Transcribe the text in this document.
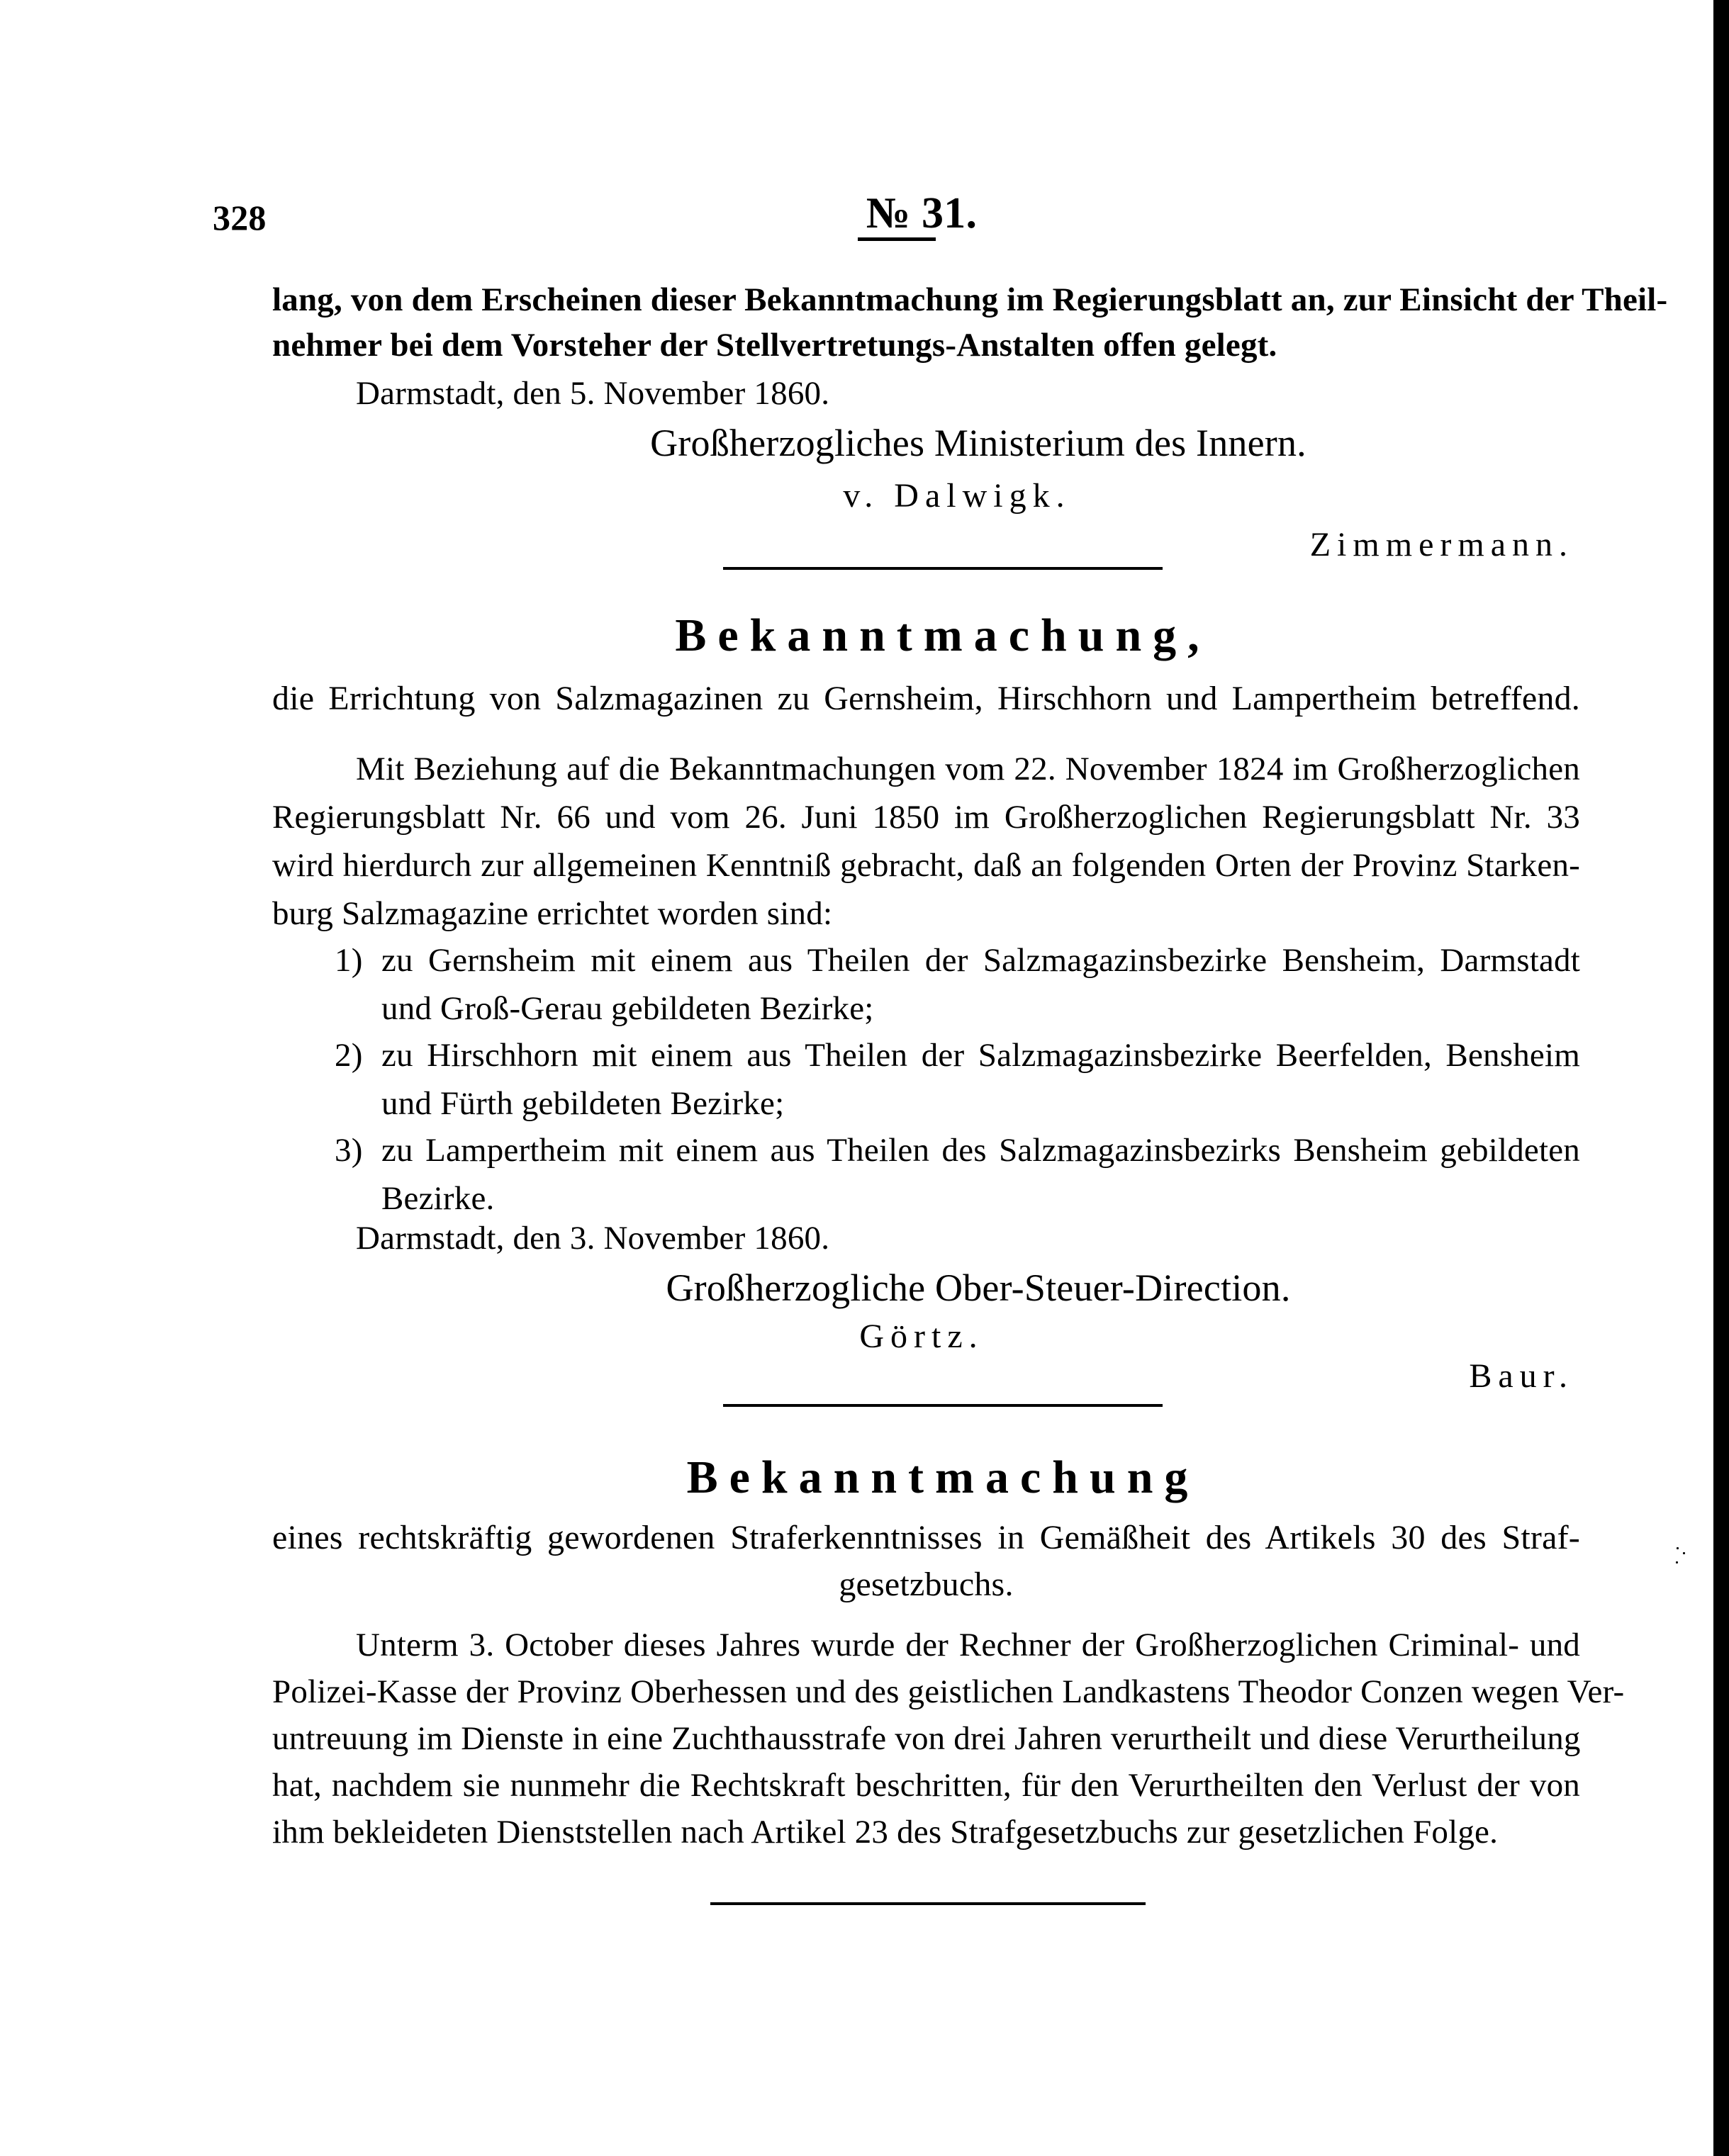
328	№ 31.
lang, von dem Erscheinen dieser Bekanntmachung im Regierungsblatt an, zur Einsicht der Theil-
nehmer bei dem Vorsteher der Stellvertretungs-Anstalten offen gelegt.
Darmstadt, den 5. November 1860.
Großherzogliches Ministerium des Innern.
v. Dalwigk.
Zimmermann.
Bekanntmachung,
die Errichtung von Salzmagazinen zu Gernsheim, Hirschhorn und Lampertheim betreffend.
Mit Beziehung auf die Bekanntmachungen vom 22. November 1824 im Großherzoglichen
Regierungsblatt Nr. 66 und vom 26. Juni 1850 im Großherzoglichen Regierungsblatt Nr. 33
wird hierdurch zur allgemeinen Kenntniß gebracht, daß an folgenden Orten der Provinz Starken-
burg Salzmagazine errichtet worden sind:
1) zu Gernsheim mit einem aus Theilen der Salzmagazinsbezirke Bensheim, Darmstadt
und Groß-Gerau gebildeten Bezirke;
2) zu Hirschhorn mit einem aus Theilen der Salzmagazinsbezirke Beerfelden, Bensheim
und Fürth gebildeten Bezirke;
3) zu Lampertheim mit einem aus Theilen des Salzmagazinsbezirks Bensheim gebildeten
Bezirke.
Darmstadt, den 3. November 1860.
Großherzogliche Ober-Steuer-Direction.
Görtz.
Baur.
Bekanntmachung
eines rechtskräftig gewordenen Straferkenntnisses in Gemäßheit des Artikels 30 des Straf-
gesetzbuchs.
Unterm 3. October dieses Jahres wurde der Rechner der Großherzoglichen Criminal- und
Polizei-Kasse der Provinz Oberhessen und des geistlichen Landkastens Theodor Conzen wegen Ver-
untreuung im Dienste in eine Zuchthausstrafe von drei Jahren verurtheilt und diese Verurtheilung
hat, nachdem sie nunmehr die Rechtskraft beschritten, für den Verurtheilten den Verlust der von
ihm bekleideten Dienststellen nach Artikel 23 des Strafgesetzbuchs zur gesetzlichen Folge.
